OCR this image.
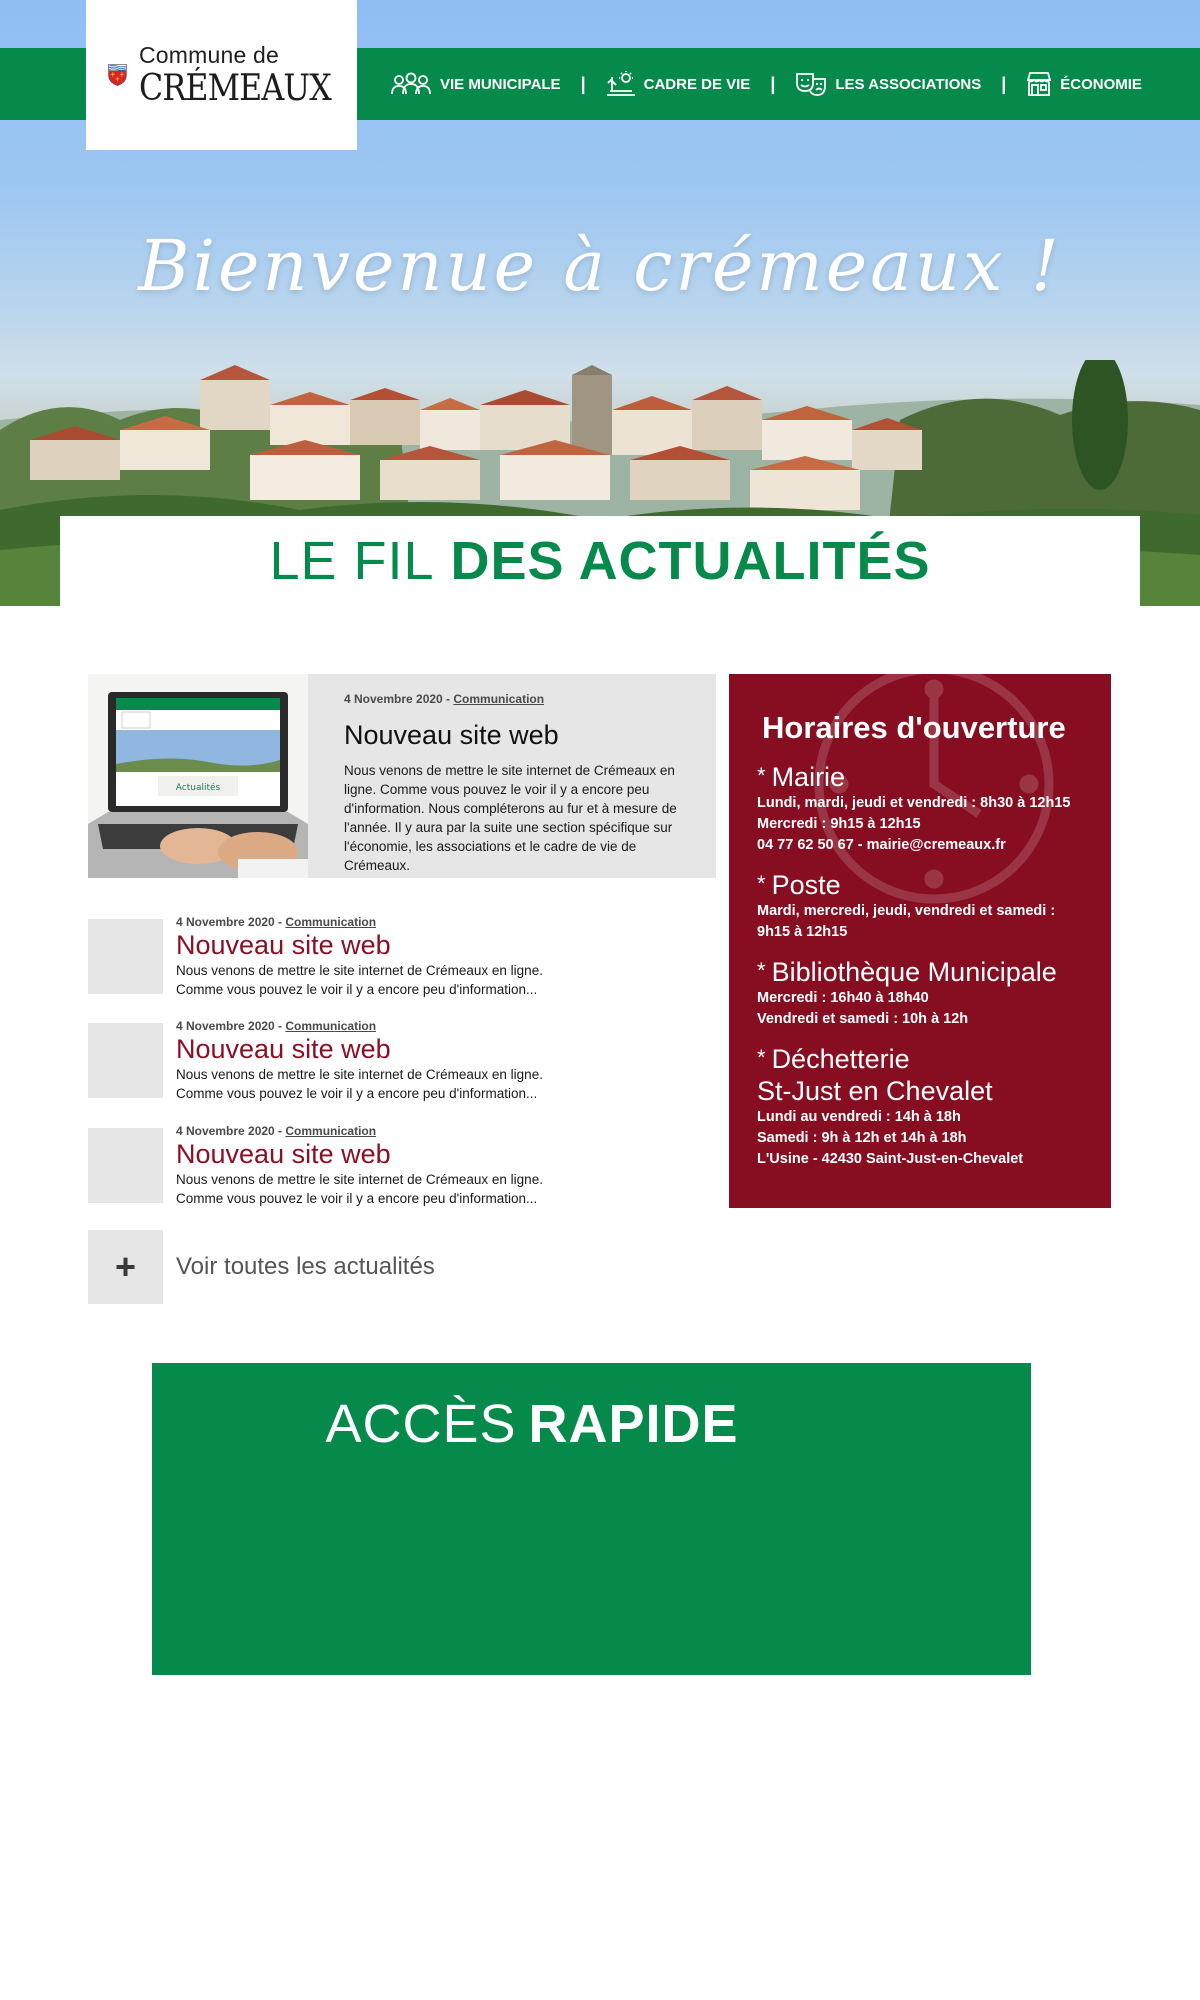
Commune de
CRÉMEAUX	VIE MUNICIPALE |	CADRE DE VIE |	LES ASSOCIATIONS |	ÉCONOMIE
Bienvenue à crémeaux !
LE FIL DES ACTUALITÉS
Actualités
4 Novembre 2020 - Communication
Nouveau site web
Nous venons de mettre le site internet de Crémeaux en ligne. Comme vous pouvez le voir il y a encore peu d'information. Nous compléterons au fur et à mesure de l'année. Il y aura par la suite une section spécifique sur l'économie, les associations et le cadre de vie de Crémeaux.
4 Novembre 2020 - Communication
Nouveau site web
Nous venons de mettre le site internet de Crémeaux en ligne.
Comme vous pouvez le voir il y a encore peu d'information...
4 Novembre 2020 - Communication
Nouveau site web
Nous venons de mettre le site internet de Crémeaux en ligne.
Comme vous pouvez le voir il y a encore peu d'information...
4 Novembre 2020 - Communication
Nouveau site web
Nous venons de mettre le site internet de Crémeaux en ligne.
Comme vous pouvez le voir il y a encore peu d'information...
+	Voir toutes les actualités
Horaires d'ouverture
* Mairie
Lundi, mardi, jeudi et vendredi : 8h30 à 12h15
Mercredi : 9h15 à 12h15
04 77 62 50 67 - mairie@cremeaux.fr
* Poste
Mardi, mercredi, jeudi, vendredi et samedi :
9h15 à 12h15
* Bibliothèque Municipale
Mercredi : 16h40 à 18h40
Vendredi et samedi : 10h à 12h
* Déchetterie
St-Just en Chevalet
Lundi au vendredi : 14h à 18h
Samedi : 9h à 12h et 14h à 18h
L'Usine - 42430 Saint-Just-en-Chevalet
ACCÈS RAPIDE
